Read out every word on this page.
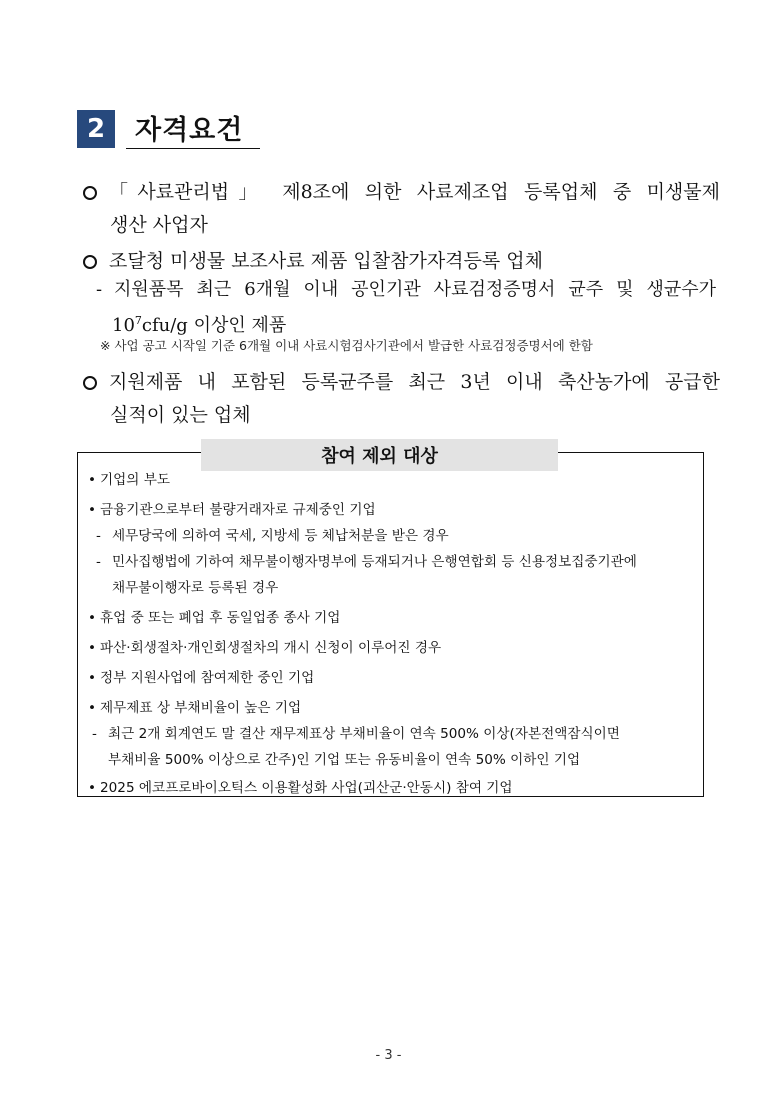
2	자격요건
「사료관리법」 제8조에 의한 사료제조업 등록업체 중 미생물제
생산 사업자
조달청 미생물 보조사료 제품 입찰참가자격등록 업체
- 지원품목 최근 6개월 이내 공인기관 사료검정증명서 균주 및 생균수가
$10^7cfu/g$ 이상인 제품
※ 사업 공고 시작일 기준 6개월 이내 사료시험검사기관에서 발급한 사료검정증명서에 한함
지원제품 내 포함된 등록균주를 최근 3년 이내 축산농가에 공급한
실적이 있는 업체
참여 제외 대상
• 기업의 부도
• 금융기관으로부터 불량거래자로 규제중인 기업
- 세무당국에 의하여 국세, 지방세 등 체납처분을 받은 경우
- 민사집행법에 기하여 채무불이행자명부에 등재되거나 은행연합회 등 신용정보집중기관에
채무불이행자로 등록된 경우
• 휴업 중 또는 폐업 후 동일업종 종사 기업
• 파산·회생절차·개인회생절차의 개시 신청이 이루어진 경우
• 정부 지원사업에 참여제한 중인 기업
• 제무제표 상 부채비율이 높은 기업
- 최근 2개 회계연도 말 결산 재무제표상 부채비율이 연속 500% 이상(자본전액잠식이면
부채비율 500% 이상으로 간주)인 기업 또는 유동비율이 연속 50% 이하인 기업
• 2025 에코프로바이오틱스 이용활성화 사업(괴산군·안동시) 참여 기업
- 3 -
